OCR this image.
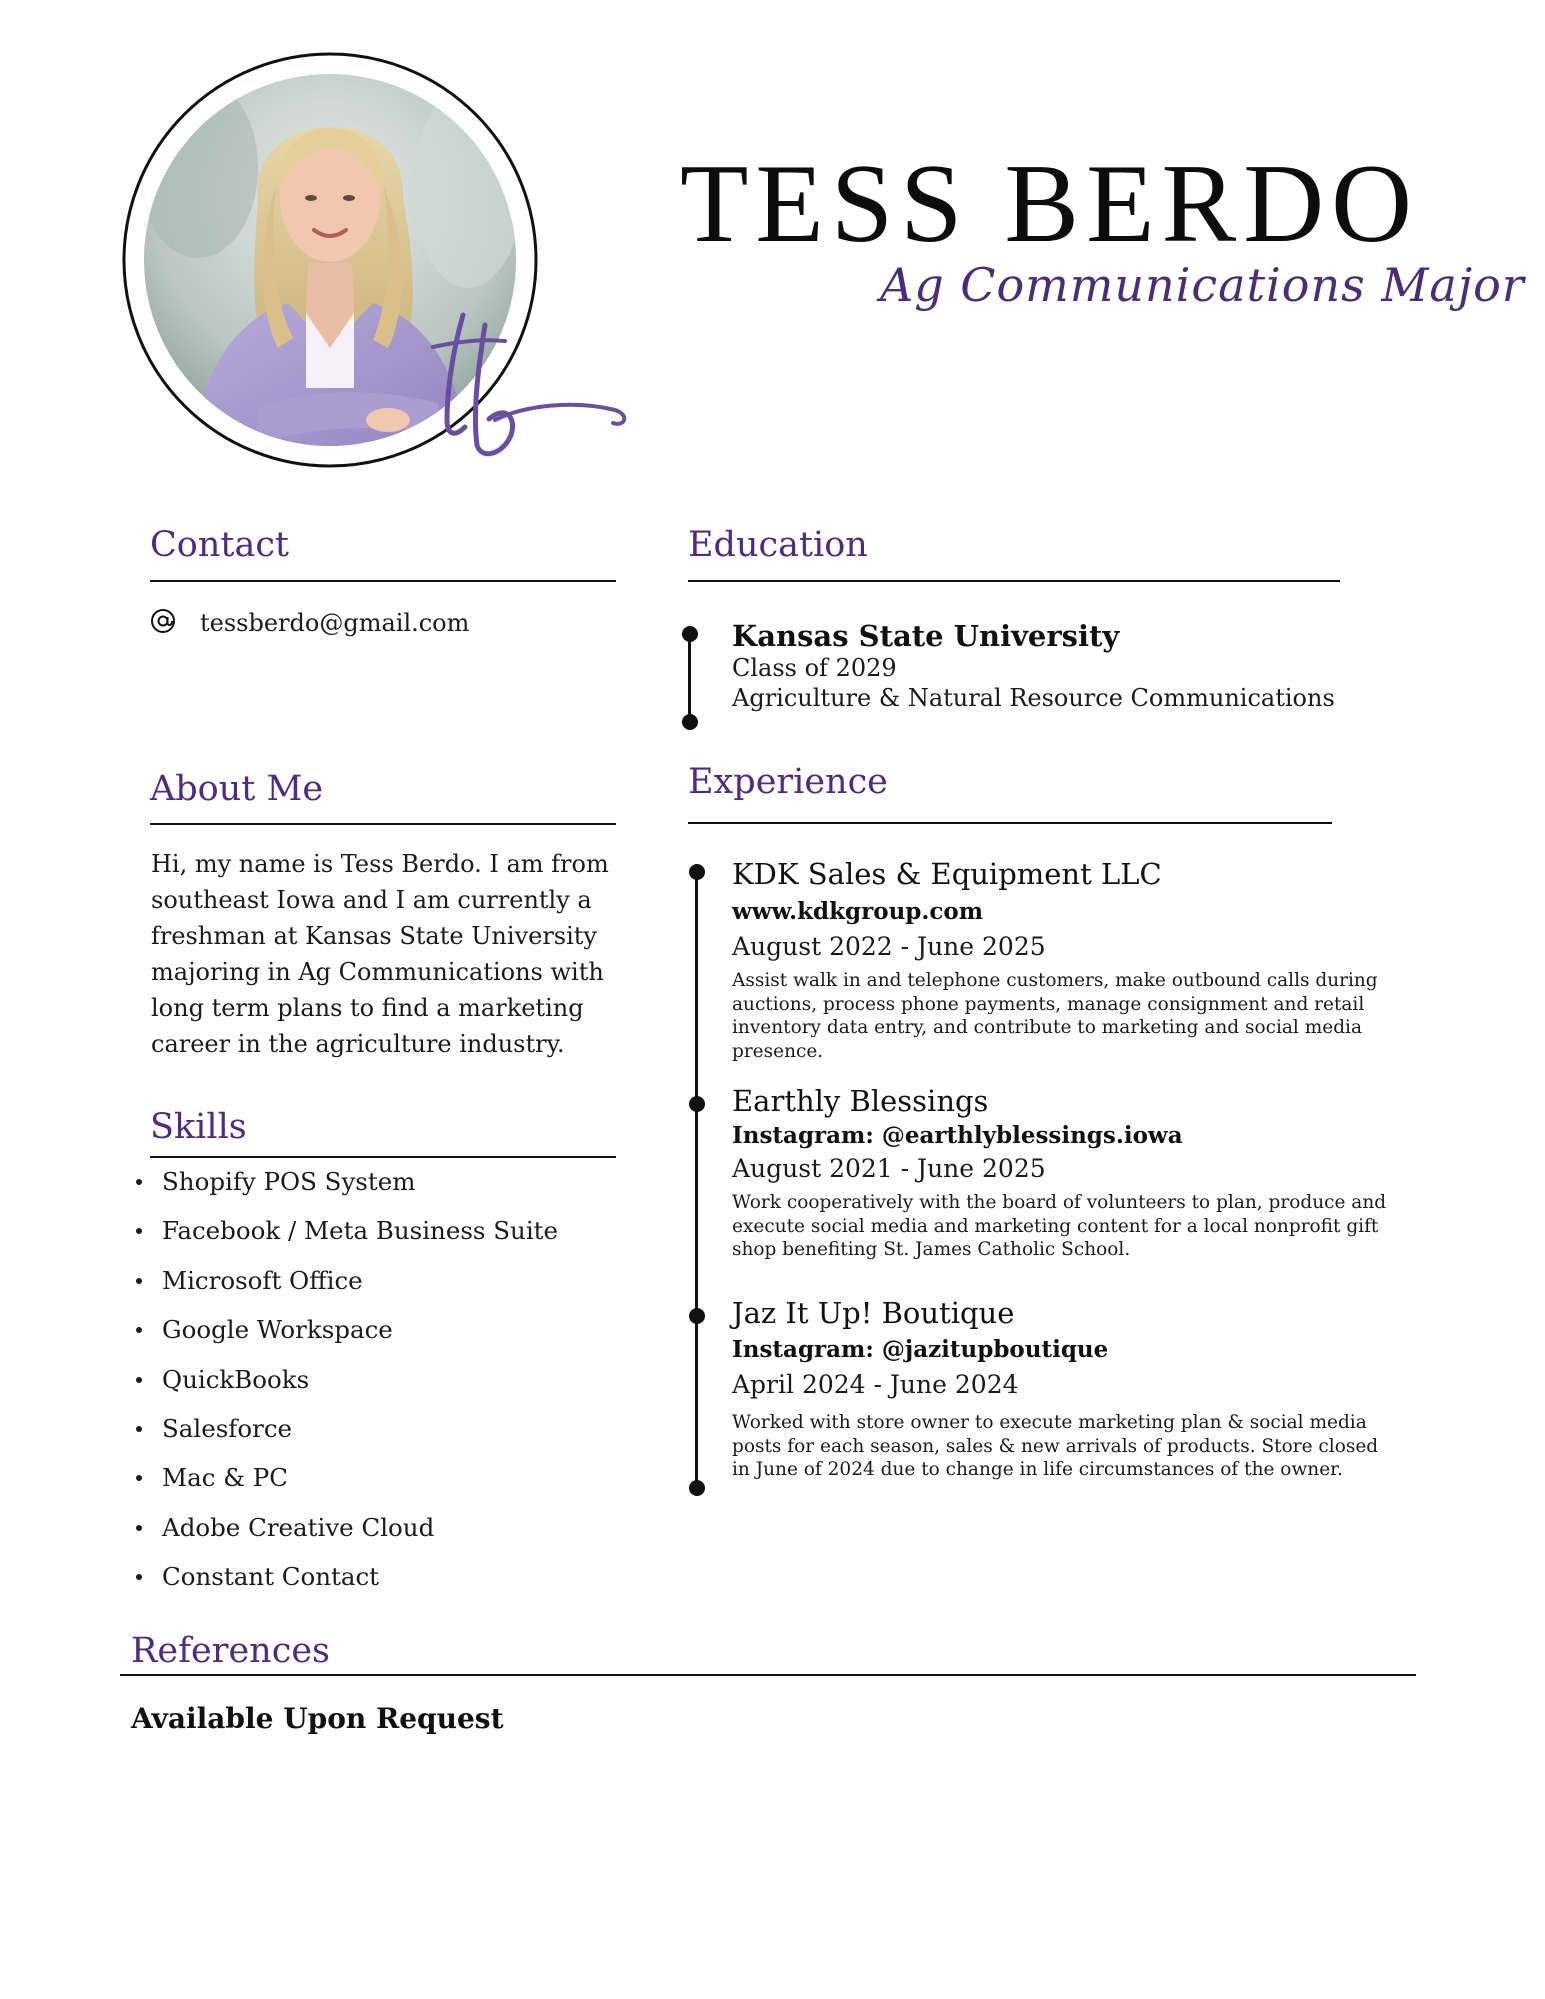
TESS BERDO
Ag Communications Major
Contact
tessberdo@gmail.com
About Me
Hi, my name is Tess Berdo. I am from southeast Iowa and I am currently a freshman at Kansas State University majoring in Ag Communications with long term plans to find a marketing career in the agriculture industry.
Skills
Shopify POS System
Facebook / Meta Business Suite
Microsoft Office
Google Workspace
QuickBooks
Salesforce
Mac & PC
Adobe Creative Cloud
Constant Contact
Education
Kansas State University
Class of 2029
Agriculture & Natural Resource Communications
Experience
KDK Sales & Equipment LLC
www.kdkgroup.com
August 2022 - June 2025
Assist walk in and telephone customers, make outbound calls during auctions, process phone payments, manage consignment and retail inventory data entry, and contribute to marketing and social media presence.
Earthly Blessings
Instagram: @earthlyblessings.iowa
August 2021 - June 2025
Work cooperatively with the board of volunteers to plan, produce and execute social media and marketing content for a local nonprofit gift shop benefiting St. James Catholic School.
Jaz It Up! Boutique
Instagram: @jazitupboutique
April 2024 - June 2024
Worked with store owner to execute marketing plan & social media posts for each season, sales & new arrivals of products. Store closed in June of 2024 due to change in life circumstances of the owner.
References
Available Upon Request
